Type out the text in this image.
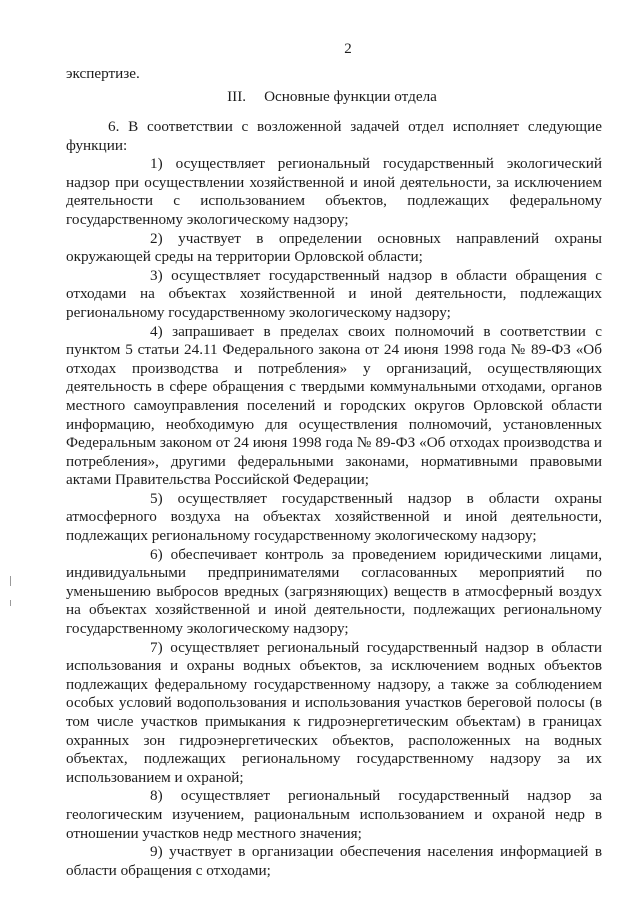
2
экспертизе.
III. Основные функции отдела

6. В соответствии с возложенной задачей отдел исполняет следующие функции:

1) осуществляет региональный государственный экологический надзор при осуществлении хозяйственной и иной деятельности, за исключением деятельности с использованием объектов, подлежащих федеральному государственному экологическому надзору;

2) участвует в определении основных направлений охраны окружающей среды на территории Орловской области;

3) осуществляет государственный надзор в области обращения с отходами на объектах хозяйственной и иной деятельности, подлежащих региональному государственному экологическому надзору;

4) запрашивает в пределах своих полномочий в соответствии с пунктом 5 статьи 24.11 Федерального закона от 24 июня 1998 года № 89-ФЗ «Об отходах производства и потребления» у организаций, осуществляющих деятельность в сфере обращения с твердыми коммунальными отходами, органов местного самоуправления поселений и городских округов Орловской области информацию, необходимую для осуществления полномочий, установленных Федеральным законом от 24 июня 1998 года № 89-ФЗ «Об отходах производства и потребления», другими федеральными законами, нормативными правовыми актами Правительства Российской Федерации;

5) осуществляет государственный надзор в области охраны атмосферного воздуха на объектах хозяйственной и иной деятельности, подлежащих региональному государственному экологическому надзору;

6) обеспечивает контроль за проведением юридическими лицами, индивидуальными предпринимателями согласованных мероприятий по уменьшению выбросов вредных (загрязняющих) веществ в атмосферный воздух на объектах хозяйственной и иной деятельности, подлежащих региональному государственному экологическому надзору;

7) осуществляет региональный государственный надзор в области использования и охраны водных объектов, за исключением водных объектов подлежащих федеральному государственному надзору, а также за соблюдением особых условий водопользования и использования участков береговой полосы (в том числе участков примыкания к гидроэнергетическим объектам) в границах охранных зон гидроэнергетических объектов, расположенных на водных объектах, подлежащих региональному государственному надзору за их использованием и охраной;

8) осуществляет региональный государственный надзор за геологическим изучением, рациональным использованием и охраной недр в отношении участков недр местного значения;

9) участвует в организации обеспечения населения информацией в области обращения с отходами;
